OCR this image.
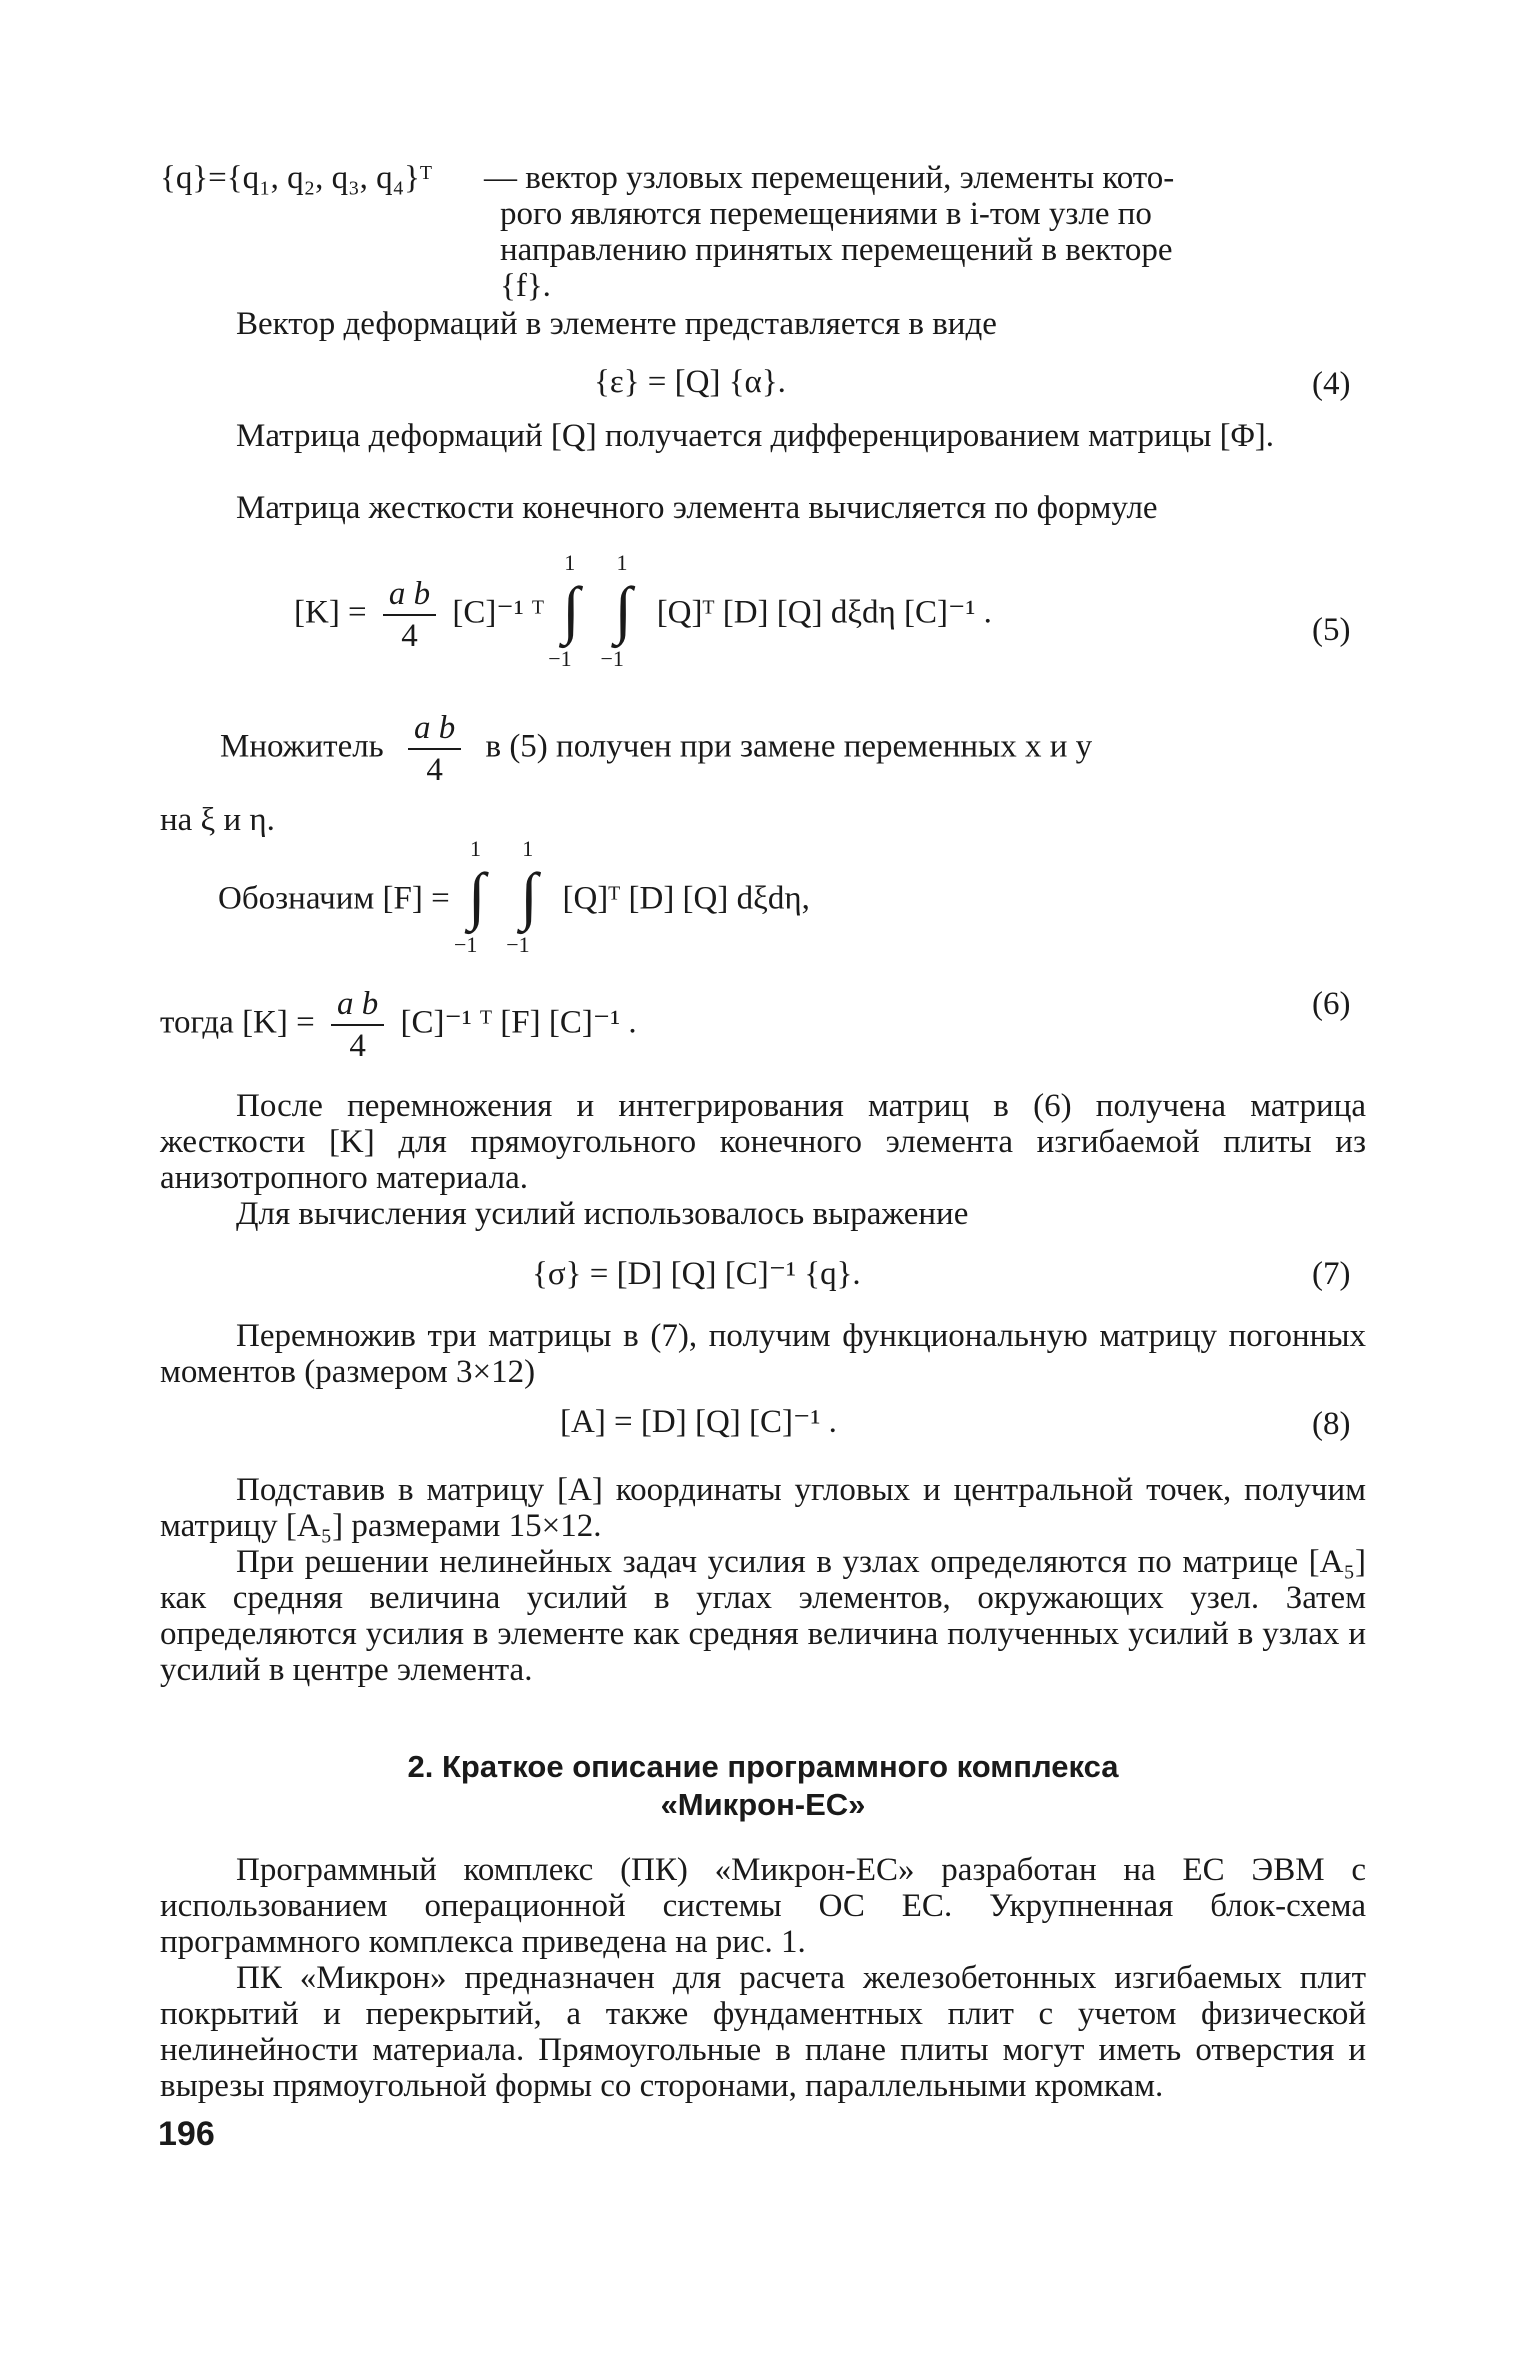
{q}={q₁, q₂, q₃, q₄}ᵀ — вектор узловых перемещений, элементы кото-
рого являются перемещениями в i-том узле по
направлению принятых перемещений в векторе
{f}.
Вектор деформаций в элементе представляется в виде
{ε} = [Q] {α}.	(4)
Матрица деформаций [Q] получается дифференцированием матрицы [Φ].
Матрица жесткости конечного элемента вычисляется по формуле
$[K] = \frac{\text{a b}}{4} [C]^{-1}$ ᵀ
1
∫
−1

1
∫
−1
[Q]ᵀ [D] [Q] dξdη [C]⁻¹ .	(5)
Множитель $\frac{\text{a b}}{4}$ в (5) получен при замене переменных x и y
на ξ и η.
Обозначим [F] =
1
∫
−1

1
∫
−1
[Q]ᵀ [D] [Q] dξdη,
тогда $[K] = \frac{\text{a b}}{4} [C]^{-1}$ ᵀ [F] [C]⁻¹ .
(6)
После перемножения и интегрирования матриц в (6) получена матрица жесткости [K] для прямоугольного конечного элемента изгибаемой плиты из анизотропного материала.
Для вычисления усилий использовалось выражение
{σ} = [D] [Q] [C]⁻¹ {q}.	(7)
Перемножив три матрицы в (7), получим функциональную матрицу погонных моментов (размером 3×12)
[A] = [D] [Q] [C]⁻¹ .	(8)
Подставив в матрицу [A] координаты угловых и центральной точек, получим матрицу [A₅] размерами 15×12.
При решении нелинейных задач усилия в узлах определяются по матрице [A₅] как средняя величина усилий в углах элементов, окружающих узел. Затем определяются усилия в элементе как средняя величина полученных усилий в узлах и усилий в центре элемента.
2. Краткое описание программного комплекса
«Микрон-ЕС»
Программный комплекс (ПК) «Микрон-ЕС» разработан на ЕС ЭВМ с использованием операционной системы ОС ЕС. Укрупненная блок-схема программного комплекса приведена на рис. 1.
ПК «Микрон» предназначен для расчета железобетонных изгибаемых плит покрытий и перекрытий, а также фундаментных плит с учетом физической нелинейности материала. Прямоугольные в плане плиты могут иметь отверстия и вырезы прямоугольной формы со сторонами, параллельными кромкам.
196
